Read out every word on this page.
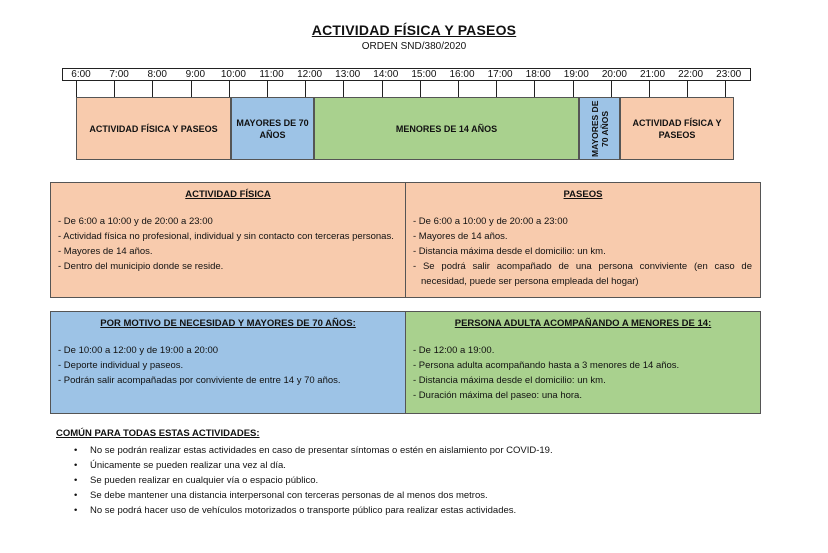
ACTIVIDAD FÍSICA Y PASEOS
ORDEN SND/380/2020
6:00 7:00 8:00 9:00 10:00 11:00 12:00 13:00 14:00 15:00 16:00 17:00 18:00 19:00 20:00 21:00 22:00 23:00
ACTIVIDAD FÍSICA Y PASEOS
MAYORES DE 70 AÑOS
MENORES DE 14 AÑOS	MAYORES DE 70 AÑOS	ACTIVIDAD FÍSICA Y PASEOS
ACTIVIDAD FÍSICA
- De 6:00 a 10:00 y de 20:00 a 23:00
- Actividad física no profesional, individual y sin contacto con terceras personas.
- Mayores de 14 años.
- Dentro del municipio donde se reside.
PASEOS
- De 6:00 a 10:00 y de 20:00 a 23:00
- Mayores de 14 años.
- Distancia máxima desde el domicilio: un km.
- Se podrá salir acompañado de una persona conviviente (en caso de necesidad, puede ser persona empleada del hogar)
POR MOTIVO DE NECESIDAD Y MAYORES DE 70 AÑOS:
- De 10:00 a 12:00 y de 19:00 a 20:00
- Deporte individual y paseos.
- Podrán salir acompañadas por conviviente de entre 14 y 70 años.
PERSONA ADULTA ACOMPAÑANDO A MENORES DE 14:
- De 12:00 a 19:00.
- Persona adulta acompañando hasta a 3 menores de 14 años.
- Distancia máxima desde el domicilio: un km.
- Duración máxima del paseo: una hora.
COMÚN PARA TODAS ESTAS ACTIVIDADES:
• No se podrán realizar estas actividades en caso de presentar síntomas o estén en aislamiento por COVID-19.
• Únicamente se pueden realizar una vez al día.
• Se pueden realizar en cualquier vía o espacio público.
• Se debe mantener una distancia interpersonal con terceras personas de al menos dos metros.
• No se podrá hacer uso de vehículos motorizados o transporte público para realizar estas actividades.
